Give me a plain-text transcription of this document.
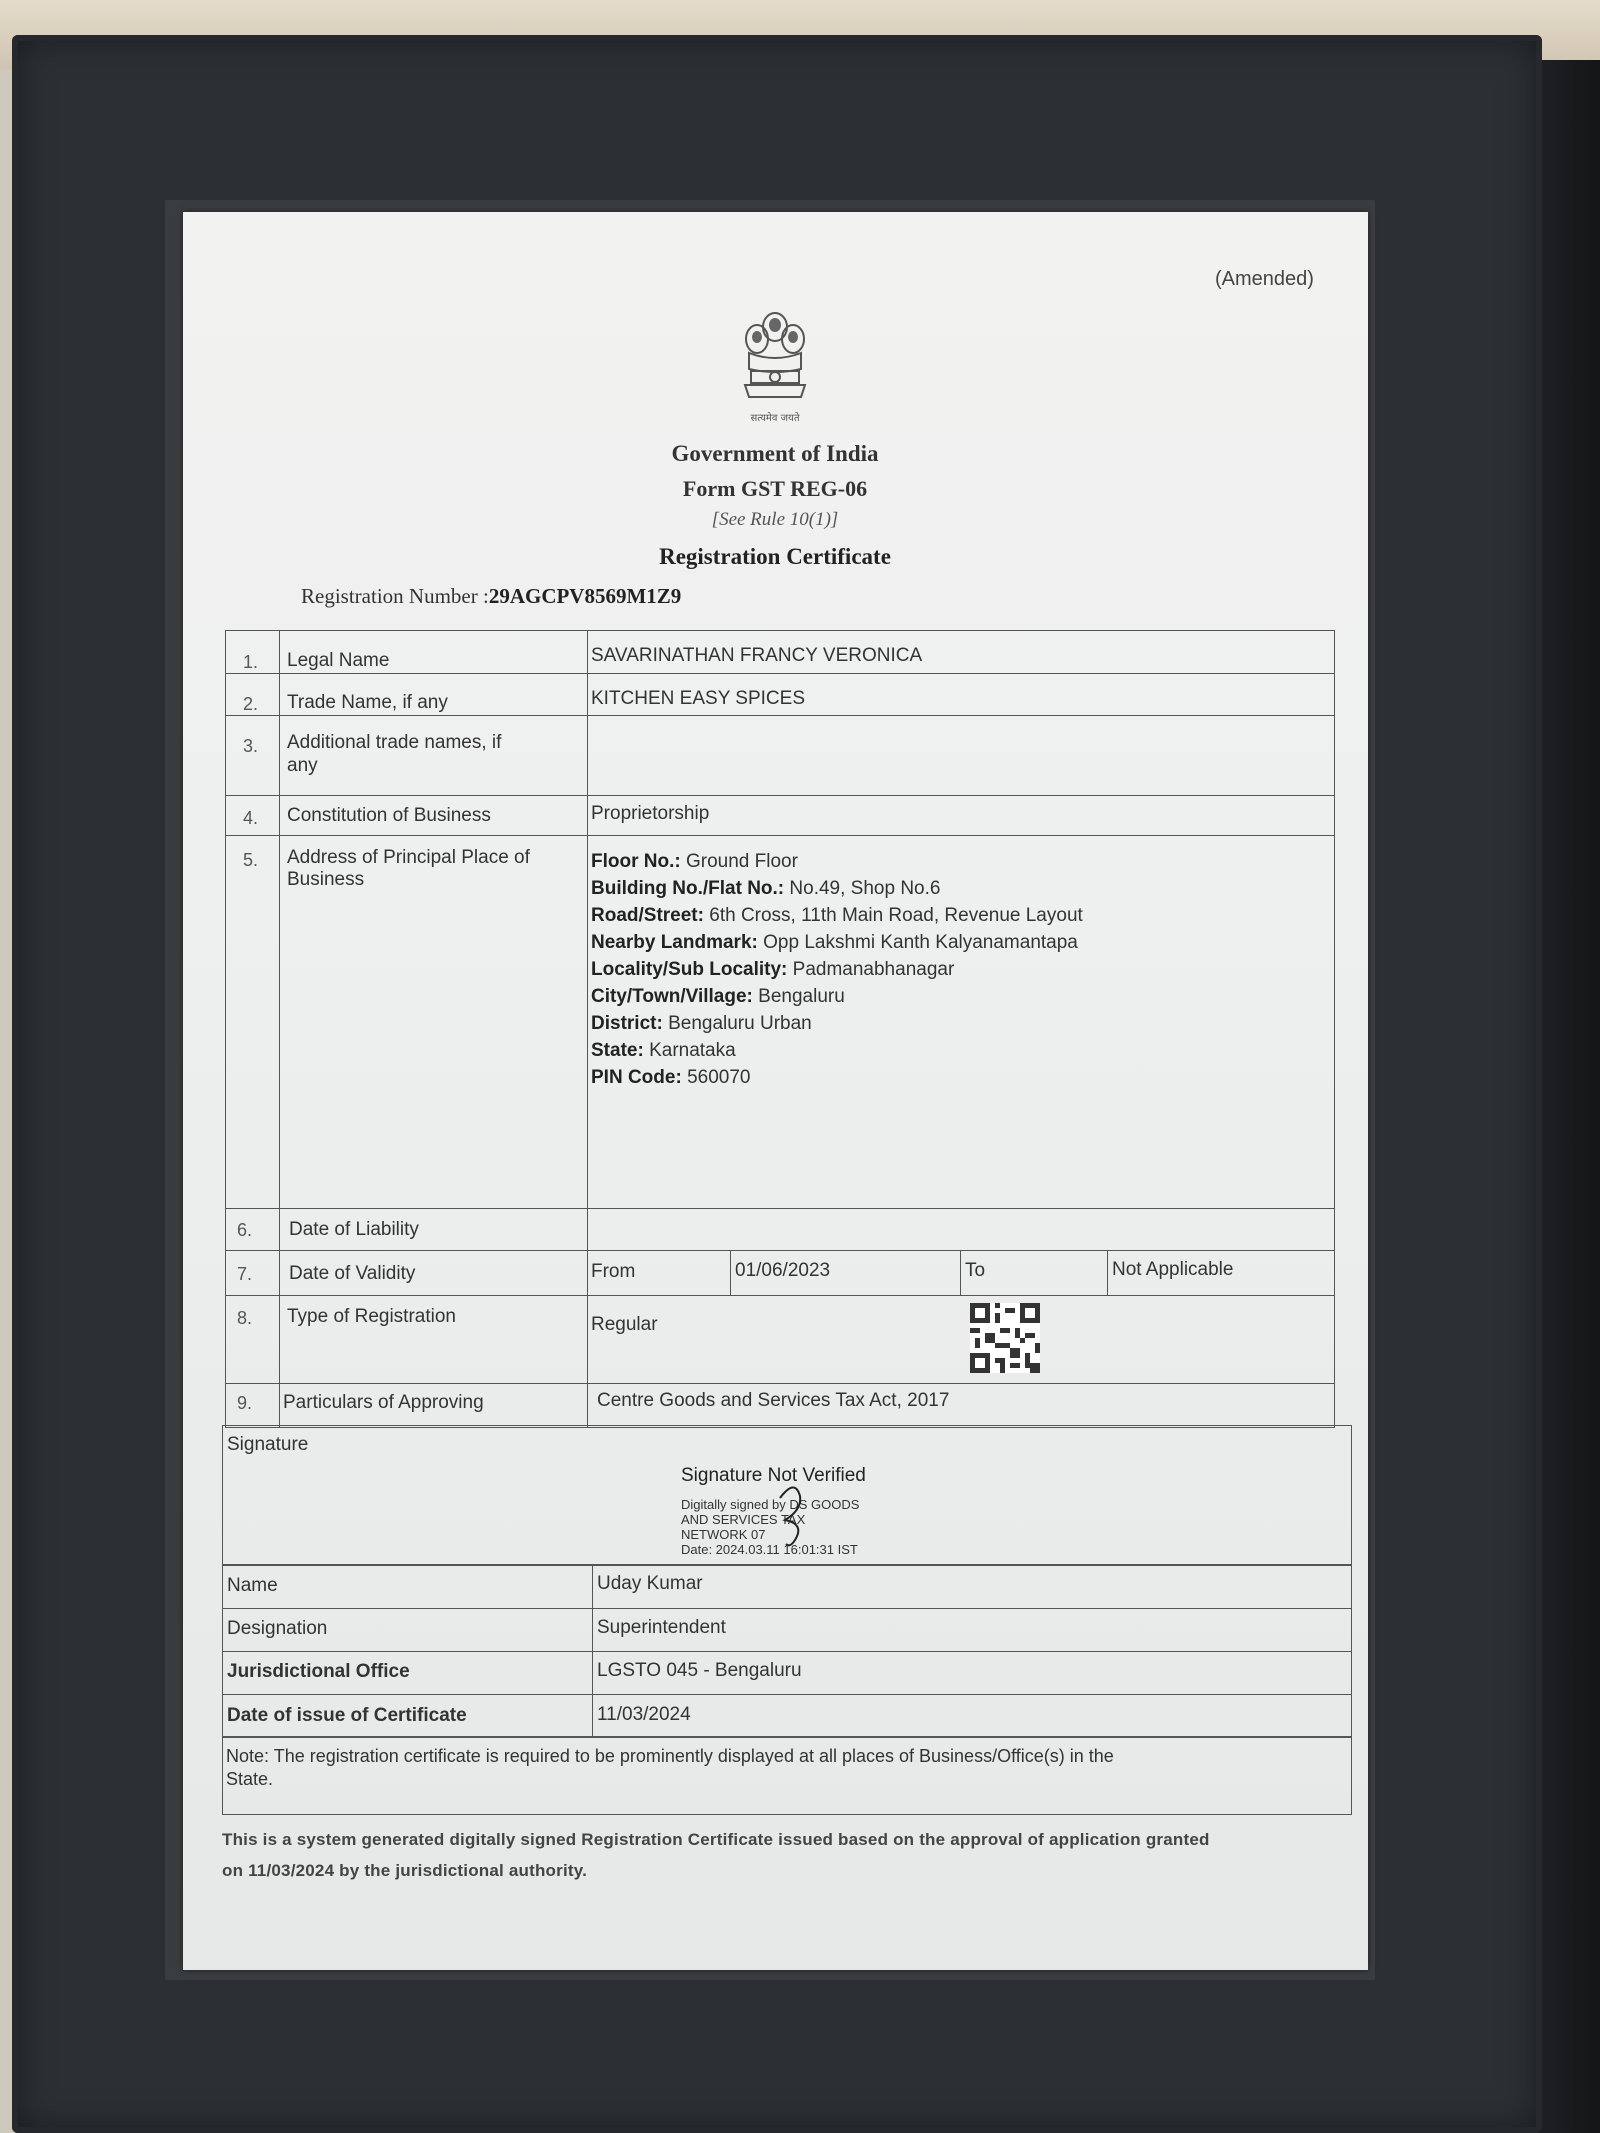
(Amended)
सत्यमेव जयते
Government of India
Form GST REG-06
[See Rule 10(1)]
Registration Certificate
Registration Number :29AGCPV8569M1Z9
1. Legal Name	SAVARINATHAN FRANCY VERONICA
2. Trade Name, if any	KITCHEN EASY SPICES
3. Additional trade names, if
any
4. Constitution of Business	Proprietorship
5. Address of Principal Place of
Business
Floor No.: Ground Floor
Building No./Flat No.: No.49, Shop No.6
Road/Street: 6th Cross, 11th Main Road, Revenue Layout
Nearby Landmark: Opp Lakshmi Kanth Kalyanamantapa
Locality/Sub Locality: Padmanabhanagar
City/Town/Village: Bengaluru
District: Bengaluru Urban
State: Karnataka
PIN Code: 560070
6. Date of Liability
7. Date of Validity	From	01/06/2023	To	Not Applicable
8. Type of Registration	Regular
9. Particulars of Approving	Centre Goods and Services Tax Act, 2017
Signature
Signature Not Verified
Digitally signed by DS GOODS
AND SERVICES TAX
NETWORK 07
Date: 2024.03.11 16:01:31 IST
Name	Uday Kumar
Designation	Superintendent
Jurisdictional Office	LGSTO 045 - Bengaluru
Date of issue of Certificate	11/03/2024
Note: The registration certificate is required to be prominently displayed at all places of Business/Office(s) in the
State.
This is a system generated digitally signed Registration Certificate issued based on the approval of application granted
on 11/03/2024 by the jurisdictional authority.
